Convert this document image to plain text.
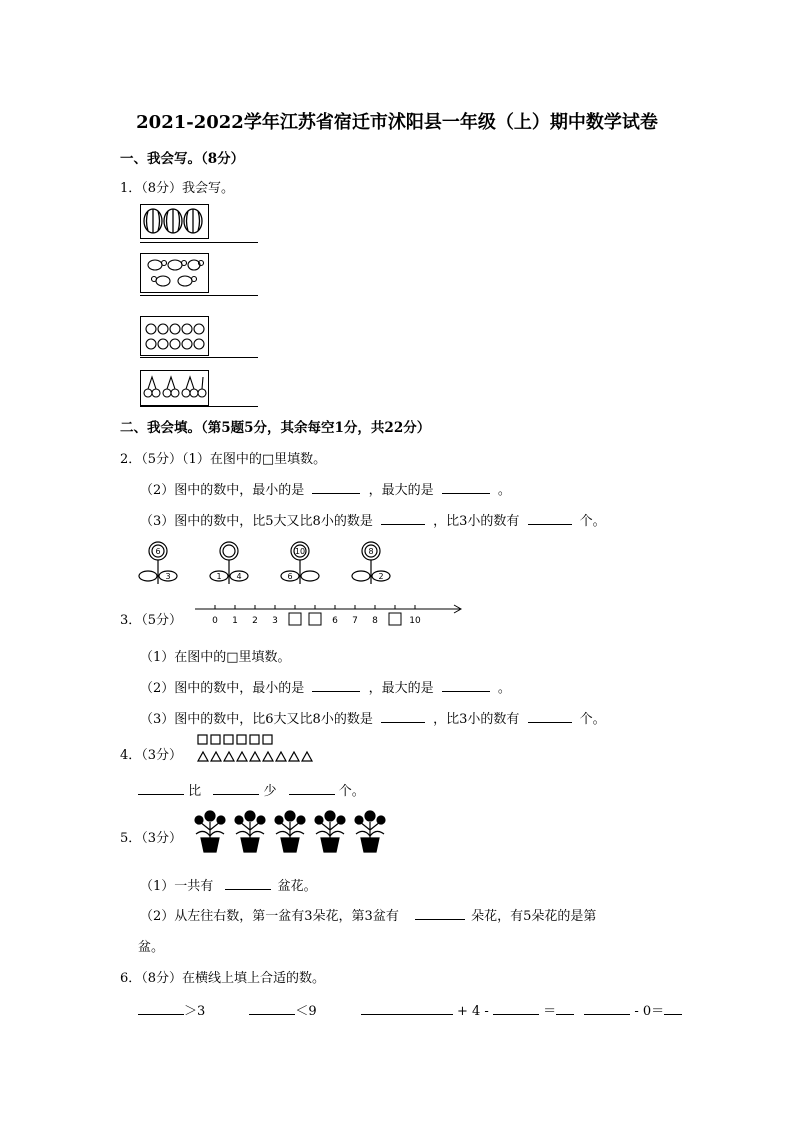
2021-2022学年江苏省宿迁市沭阳县一年级（上）期中数学试卷
一、我会写。（8分）
1．（8分）我会写。
二、我会填。（第5题5分，其余每空1分，共22分）
2．（5分）（1）在图中的□里填数。
（2）图中的数中，最小的是	，最大的是	。
（3）图中的数中，比5大又比8小的数是	，比3小的数有	个。
6
3	1 4
10
6
8
2
3．（5分）	0 1 2 3	6 7 8	10
（1）在图中的□里填数。
（2）图中的数中，最小的是	，最大的是	。
（3）图中的数中，比6大又比8小的数是	，比3小的数有	个。
4．（3分）
比	少	个。
5．（3分）
（1）一共有	盆花。
（2）从左往右数，第一盆有3朵花，第3盆有	朵花，有5朵花的是第
盆。
6．（8分）在横线上填上合适的数。
＞3	＜9	+ 4 -	＝	- 0＝
